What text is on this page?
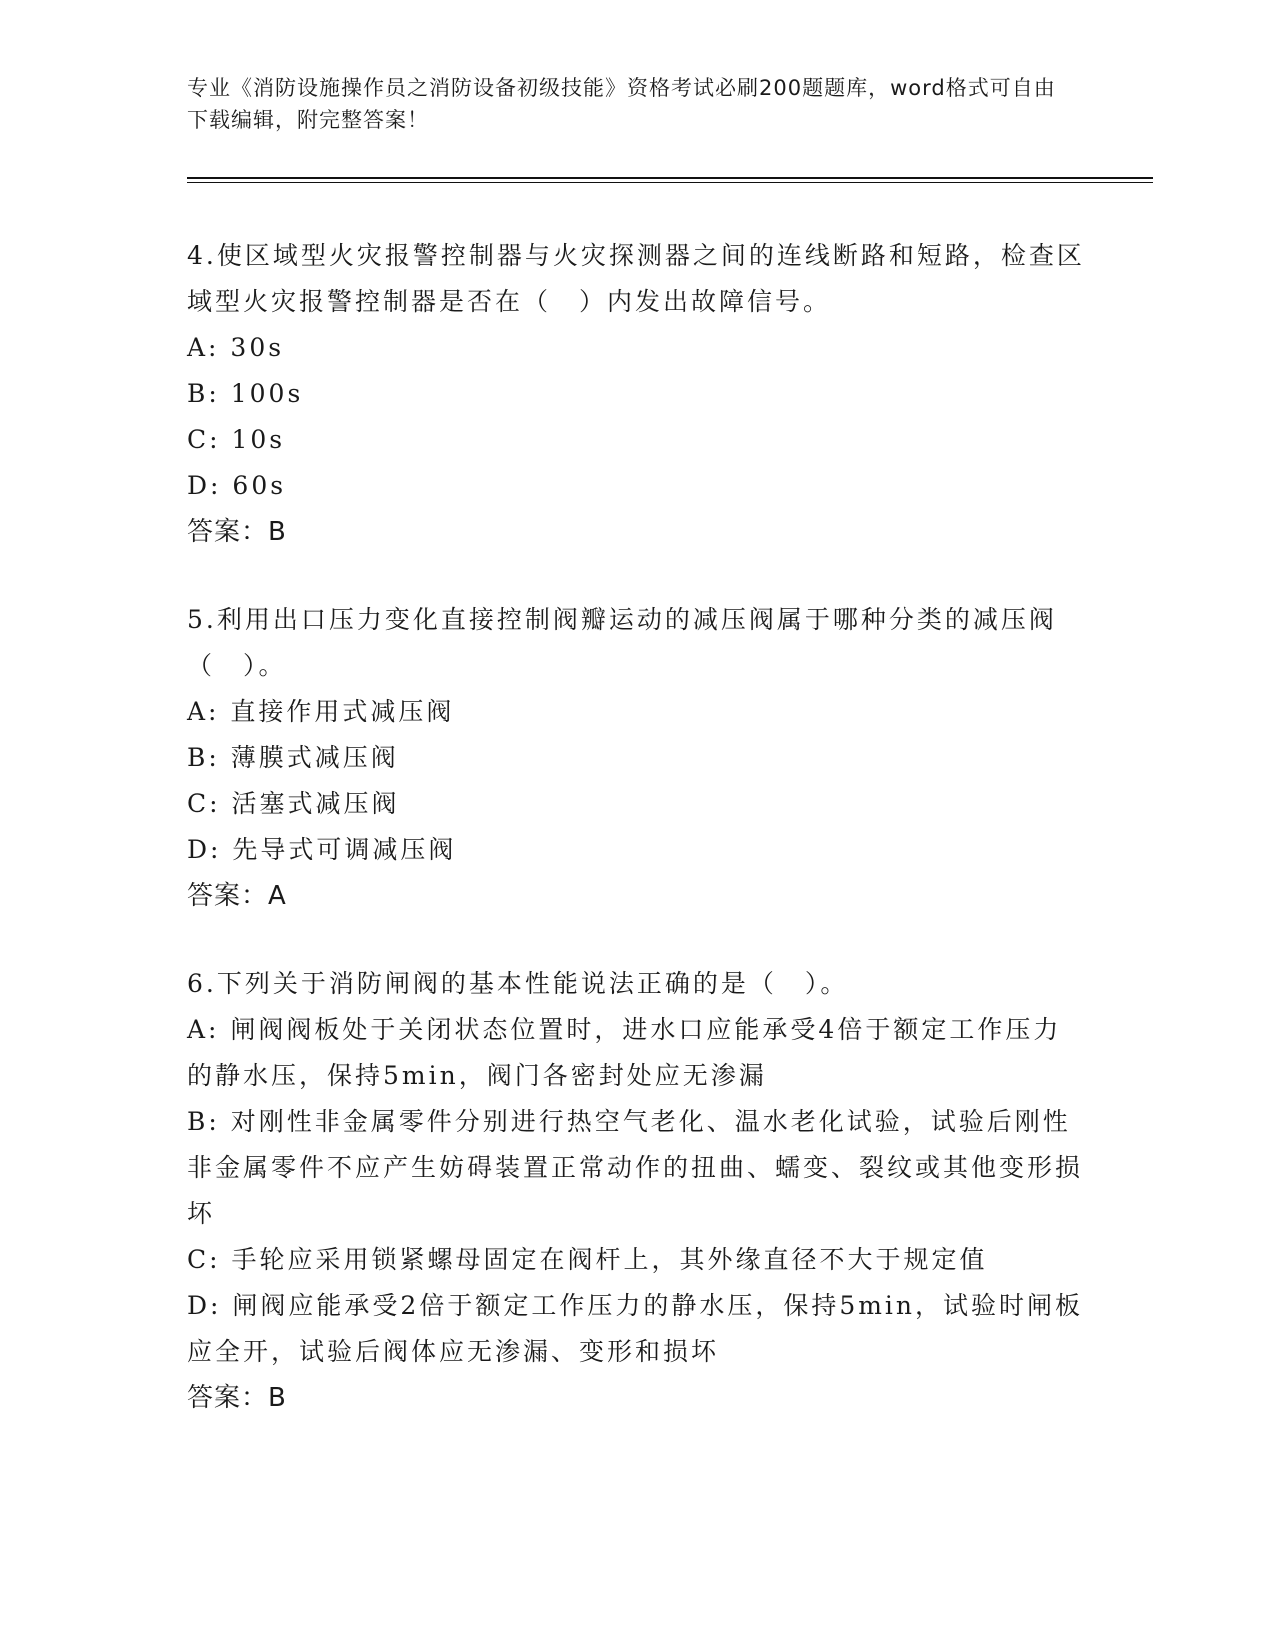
专业《消防设施操作员之消防设备初级技能》资格考试必刷200题题库，word格式可自由下载编辑，附完整答案！

4.使区域型火灾报警控制器与火灾探测器之间的连线断路和短路，检查区域型火灾报警控制器是否在（　）内发出故障信号。

A: 30s

B: 100s

C: 10s

D: 60s

答案：B

5.利用出口压力变化直接控制阀瓣运动的减压阀属于哪种分类的减压阀（　）。

A: 直接作用式减压阀

B: 薄膜式减压阀

C: 活塞式减压阀

D: 先导式可调减压阀

答案：A

6.下列关于消防闸阀的基本性能说法正确的是（　）。

A: 闸阀阀板处于关闭状态位置时，进水口应能承受4倍于额定工作压力的静水压，保持5min，阀门各密封处应无渗漏

B: 对刚性非金属零件分别进行热空气老化、温水老化试验，试验后刚性非金属零件不应产生妨碍装置正常动作的扭曲、蠕变、裂纹或其他变形损坏

C: 手轮应采用锁紧螺母固定在阀杆上，其外缘直径不大于规定值

D: 闸阀应能承受2倍于额定工作压力的静水压，保持5min，试验时闸板应全开，试验后阀体应无渗漏、变形和损坏

答案：B
